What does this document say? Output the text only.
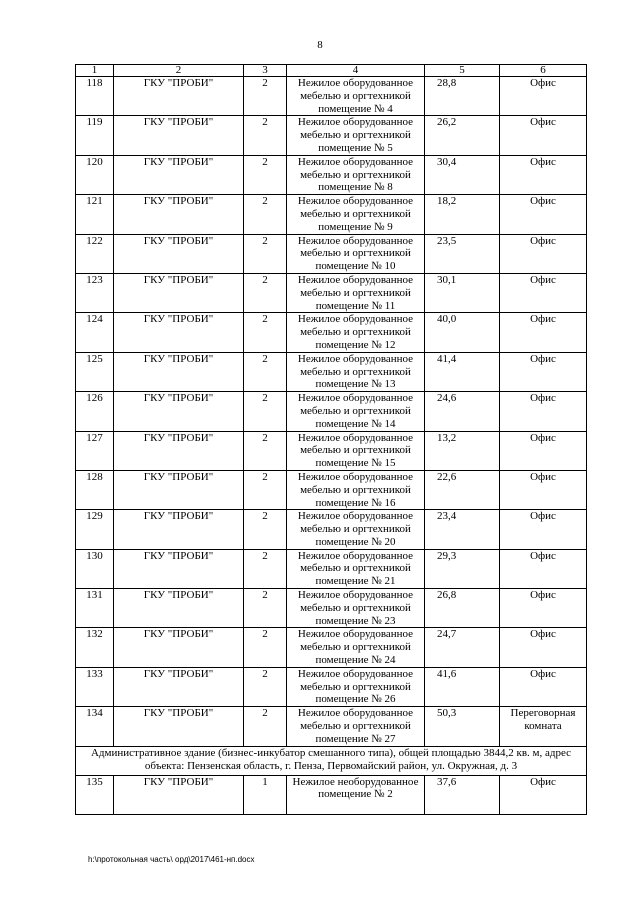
8
1	2	3	4	5	6
118	ГКУ "ПРОБИ"	2	Нежилое оборудованное мебелью и оргтехникой помещение № 4	28,8	Офис
119	ГКУ "ПРОБИ"	2	Нежилое оборудованное мебелью и оргтехникой помещение № 5	26,2	Офис
120	ГКУ "ПРОБИ"	2	Нежилое оборудованное мебелью и оргтехникой помещение № 8	30,4	Офис
121	ГКУ "ПРОБИ"	2	Нежилое оборудованное мебелью и оргтехникой помещение № 9	18,2	Офис
122	ГКУ "ПРОБИ"	2	Нежилое оборудованное мебелью и оргтехникой помещение № 10	23,5	Офис
123	ГКУ "ПРОБИ"	2	Нежилое оборудованное мебелью и оргтехникой помещение № 11	30,1	Офис
124	ГКУ "ПРОБИ"	2	Нежилое оборудованное мебелью и оргтехникой помещение № 12	40,0	Офис
125	ГКУ "ПРОБИ"	2	Нежилое оборудованное мебелью и оргтехникой помещение № 13	41,4	Офис
126	ГКУ "ПРОБИ"	2	Нежилое оборудованное мебелью и оргтехникой помещение № 14	24,6	Офис
127	ГКУ "ПРОБИ"	2	Нежилое оборудованное мебелью и оргтехникой помещение № 15	13,2	Офис
128	ГКУ "ПРОБИ"	2	Нежилое оборудованное мебелью и оргтехникой помещение № 16	22,6	Офис
129	ГКУ "ПРОБИ"	2	Нежилое оборудованное мебелью и оргтехникой помещение № 20	23,4	Офис
130	ГКУ "ПРОБИ"	2	Нежилое оборудованное мебелью и оргтехникой помещение № 21	29,3	Офис
131	ГКУ "ПРОБИ"	2	Нежилое оборудованное мебелью и оргтехникой помещение № 23	26,8	Офис
132	ГКУ "ПРОБИ"	2	Нежилое оборудованное мебелью и оргтехникой помещение № 24	24,7	Офис
133	ГКУ "ПРОБИ"	2	Нежилое оборудованное мебелью и оргтехникой помещение № 26	41,6	Офис
134	ГКУ "ПРОБИ"	2	Нежилое оборудованное мебелью и оргтехникой помещение № 27	50,3	Переговорная комната
Административное здание (бизнес-инкубатор смешанного типа), общей площадью 3844,2 кв. м, адрес объекта: Пензенская область, г. Пенза, Первомайский район, ул. Окружная, д. 3					
135	ГКУ "ПРОБИ"	1	Нежилое необорудованное помещение № 2	37,6	Офис
h:\протокольная часть\ орд\2017\461-нп.docx
